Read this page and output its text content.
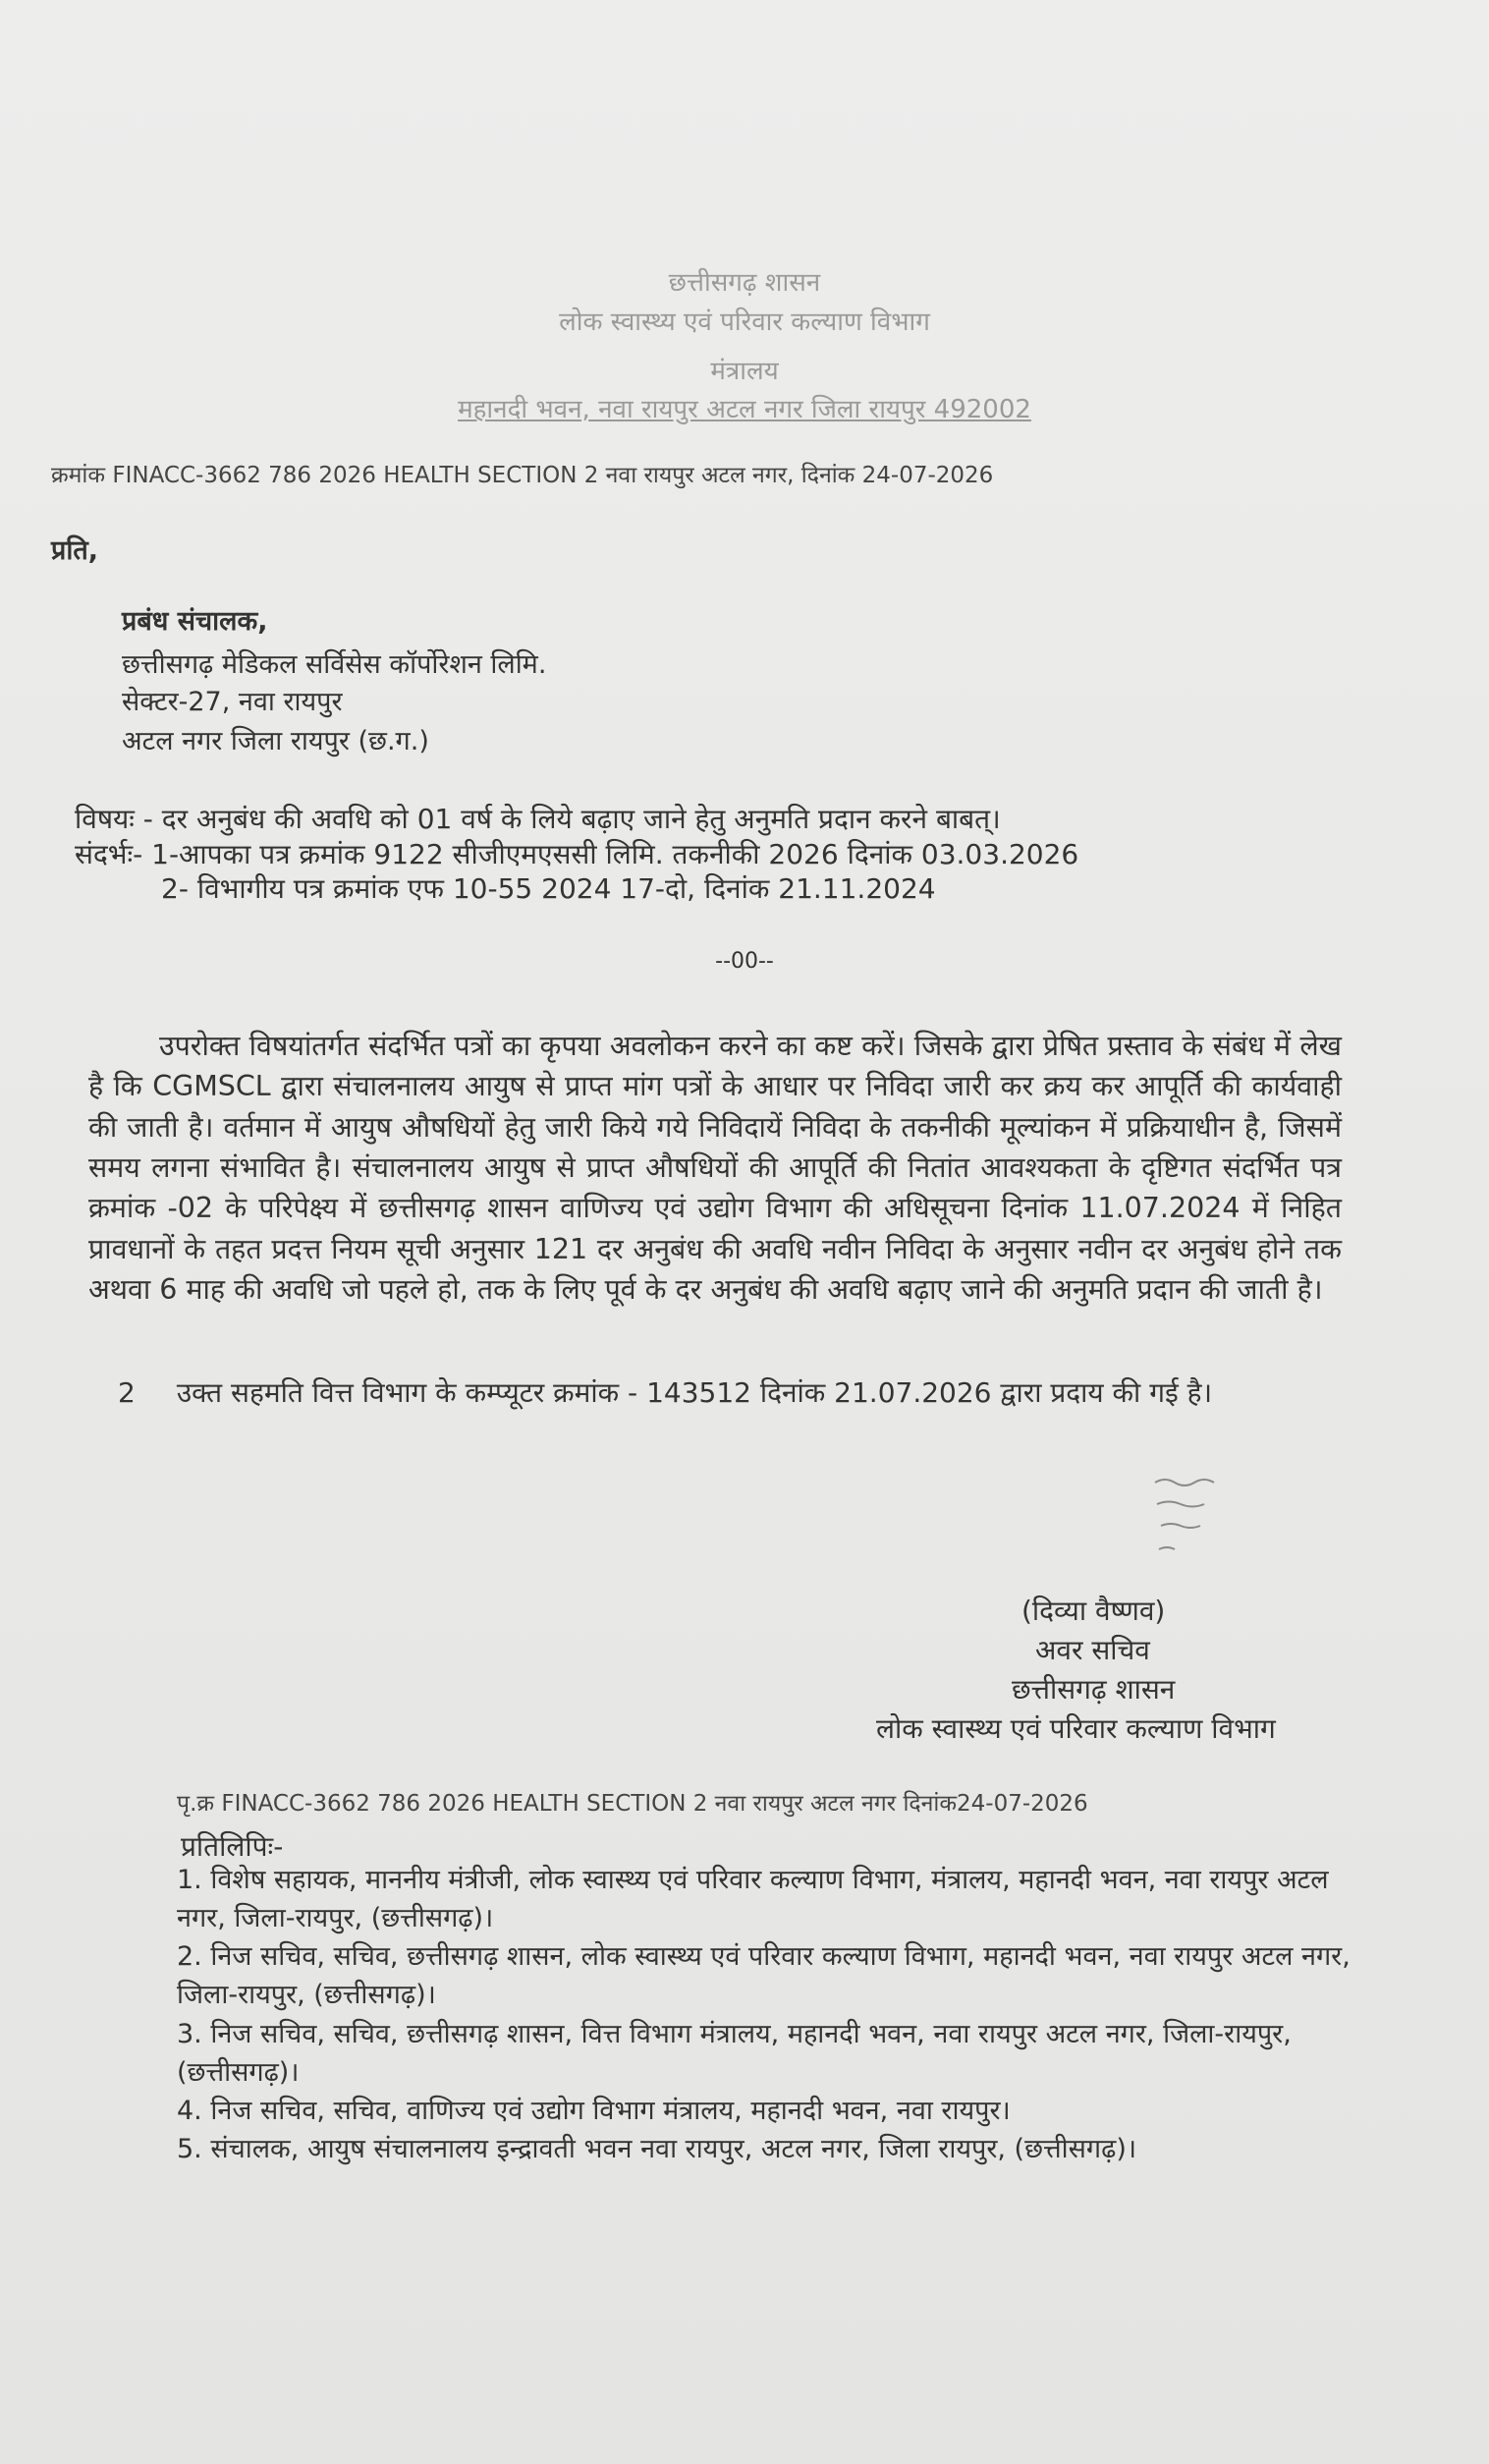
छत्तीसगढ़ शासन
लोक स्वास्थ्य एवं परिवार कल्याण विभाग
मंत्रालय
महानदी भवन, नवा रायपुर अटल नगर जिला रायपुर 492002
क्रमांक FINACC-3662 786 2026 HEALTH SECTION 2 नवा रायपुर अटल नगर, दिनांक 24-07-2026
प्रति,
प्रबंध संचालक,
छत्तीसगढ़ मेडिकल सर्विसेस कॉर्पोरेशन लिमि.
सेक्टर-27, नवा रायपुर
अटल नगर जिला रायपुर (छ.ग.)
विषयः - दर अनुबंध की अवधि को 01 वर्ष के लिये बढ़ाए जाने हेतु अनुमति प्रदान करने बाबत्।
संदर्भः- 1-आपका पत्र क्रमांक 9122 सीजीएमएससी लिमि. तकनीकी 2026 दिनांक 03.03.2026
2- विभागीय पत्र क्रमांक एफ 10-55 2024 17-दो, दिनांक 21.11.2024
--00--

उपरोक्त विषयांतर्गत संदर्भित पत्रों का कृपया अवलोकन करने का कष्ट करें। जिसके द्वारा प्रेषित प्रस्ताव के संबंध में लेख है कि CGMSCL द्वारा संचालनालय आयुष से प्राप्त मांग पत्रों के आधार पर निविदा जारी कर क्रय कर आपूर्ति की कार्यवाही की जाती है। वर्तमान में आयुष औषधियों हेतु जारी किये गये निविदायें निविदा के तकनीकी मूल्यांकन में प्रक्रियाधीन है, जिसमें समय लगना संभावित है। संचालनालय आयुष से प्राप्त औषधियों की आपूर्ति की नितांत आवश्यकता के दृष्टिगत संदर्भित पत्र क्रमांक -02 के परिपेक्ष्य में छत्तीसगढ़ शासन वाणिज्य एवं उद्योग विभाग की अधिसूचना दिनांक 11.07.2024 में निहित प्रावधानों के तहत प्रदत्त नियम सूची अनुसार 121 दर अनुबंध की अवधि नवीन निविदा के अनुसार नवीन दर अनुबंध होने तक अथवा 6 माह की अवधि जो पहले हो, तक के लिए पूर्व के दर अनुबंध की अवधि बढ़ाए जाने की अनुमति प्रदान की जाती है।

2 उक्त सहमति वित्त विभाग के कम्प्यूटर क्रमांक - 143512 दिनांक 21.07.2026 द्वारा प्रदाय की गई है।
(दिव्या वैष्णव)
अवर सचिव
छत्तीसगढ़ शासन
लोक स्वास्थ्य एवं परिवार कल्याण विभाग
पृ.क्र FINACC-3662 786 2026 HEALTH SECTION 2 नवा रायपुर अटल नगर दिनांक24-07-2026
प्रतिलिपिः-

1. विशेष सहायक, माननीय मंत्रीजी, लोक स्वास्थ्य एवं परिवार कल्याण विभाग, मंत्रालय, महानदी भवन, नवा रायपुर अटल नगर, जिला-रायपुर, (छत्तीसगढ़)।

2. निज सचिव, सचिव, छत्तीसगढ़ शासन, लोक स्वास्थ्य एवं परिवार कल्याण विभाग, महानदी भवन, नवा रायपुर अटल नगर, जिला-रायपुर, (छत्तीसगढ़)।

3. निज सचिव, सचिव, छत्तीसगढ़ शासन, वित्त विभाग मंत्रालय, महानदी भवन, नवा रायपुर अटल नगर, जिला-रायपुर, (छत्तीसगढ़)।

4. निज सचिव, सचिव, वाणिज्य एवं उद्योग विभाग मंत्रालय, महानदी भवन, नवा रायपुर।

5. संचालक, आयुष संचालनालय इन्द्रावती भवन नवा रायपुर, अटल नगर, जिला रायपुर, (छत्तीसगढ़)।
